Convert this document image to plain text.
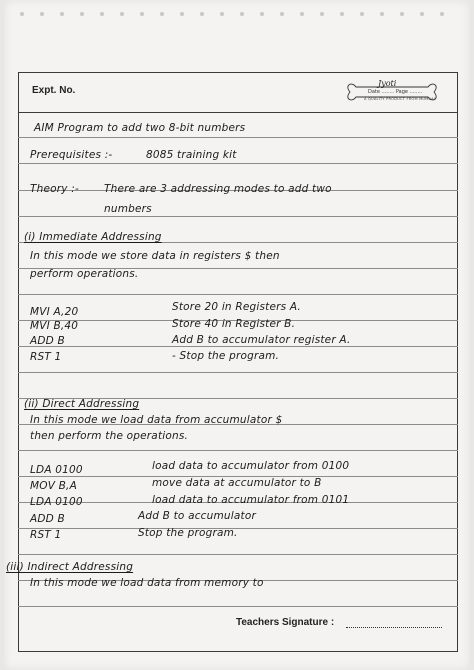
Expt. No.
Jyoti
Date ........ Page ........
A QUALITY PRODUCT FROM MUMBAI
AIM Program to add two 8-bit numbers
Prerequisites :-	8085 training kit
Theory :- There are 3 addressing modes to add two
numbers
(i) Immediate Addressing
In this mode we store data in registers $ then
perform operations.
MVI A,20	Store 20 in Registers A.
MVI B,40	Store 40 in Register B.
ADD B	Add B to accumulator register A.
RST 1	- Stop the program.
(ii) Direct Addressing
In this mode we load data from accumulator $
then perform the operations.
LDA 0100	load data to accumulator from 0100
MOV B,A	move data at accumulator to B
LDA 0100	load data to accumulator from 0101
ADD B	Add B to accumulator
RST 1	Stop the program.
(iii) Indirect Addressing
In this mode we load data from memory to
Teachers Signature :
